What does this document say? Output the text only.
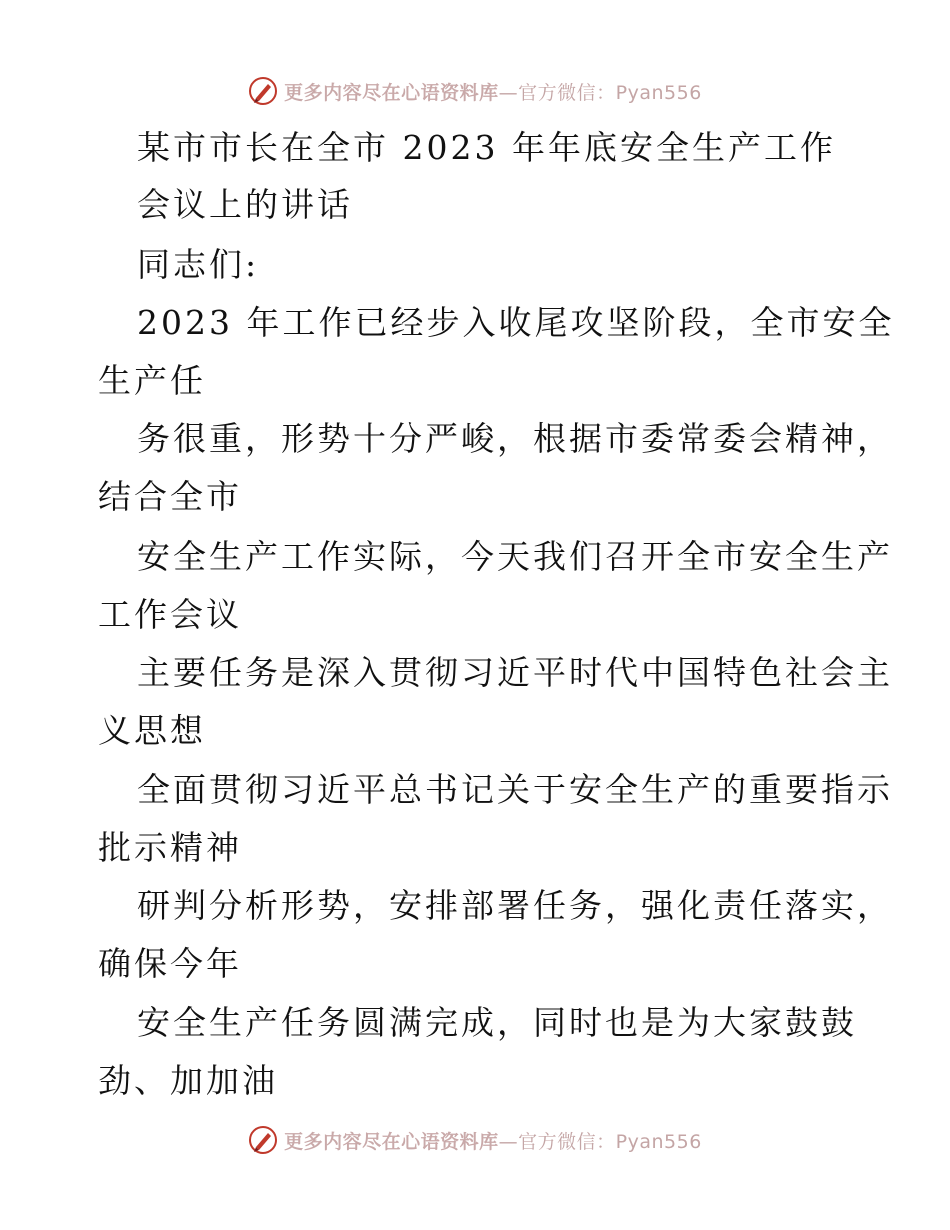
更多内容尽在心语资料库—官方微信：Pyan556
某市市长在全市 2023 年年底安全生产工作
会议上的讲话
同志们:
2023 年工作已经步入收尾攻坚阶段，全市安全
生产任
务很重，形势十分严峻，根据市委常委会精神，
结合全市
安全生产工作实际，今天我们召开全市安全生产
工作会议
主要任务是深入贯彻习近平时代中国特色社会主
义思想
全面贯彻习近平总书记关于安全生产的重要指示
批示精神
研判分析形势，安排部署任务，强化责任落实，
确保今年
安全生产任务圆满完成，同时也是为大家鼓鼓
劲、加加油
更多内容尽在心语资料库—官方微信：Pyan556
